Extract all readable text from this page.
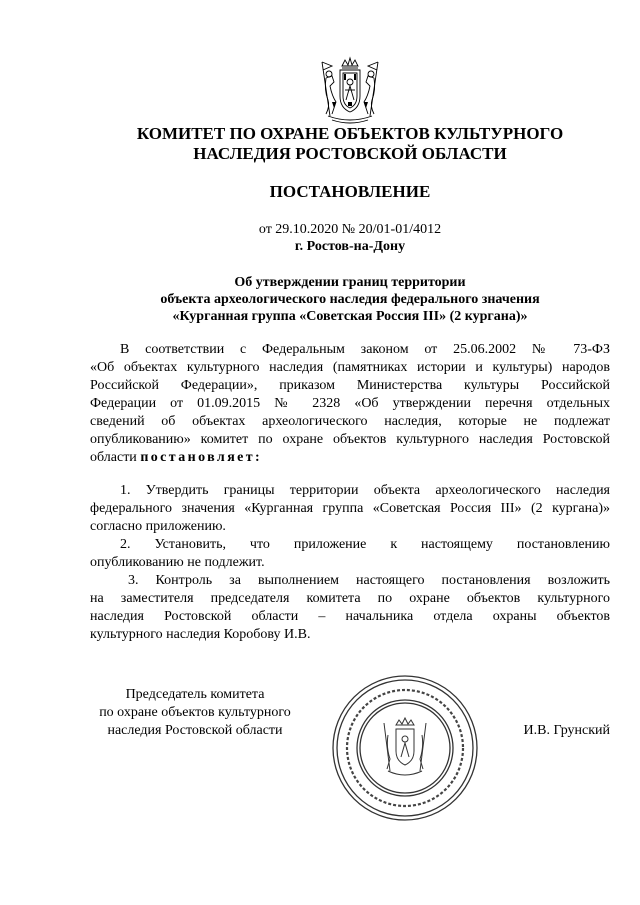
КОМИТЕТ ПО ОХРАНЕ ОБЪЕКТОВ КУЛЬТУРНОГО
НАСЛЕДИЯ РОСТОВСКОЙ ОБЛАСТИ
ПОСТАНОВЛЕНИЕ
от 29.10.2020 № 20/01-01/4012
г. Ростов-на-Дону
Об утверждении границ территории
объекта археологического наследия федерального значения
«Курганная группа «Советская Россия III» (2 кургана)»
В соответствии с Федеральным законом от 25.06.2002 № 73-ФЗ
«Об объектах культурного наследия (памятниках истории и культуры) народов
Российской Федерации», приказом Министерства культуры Российской
Федерации от 01.09.2015 № 2328 «Об утверждении перечня отдельных
сведений об объектах археологического наследия, которые не подлежат
опубликованию» комитет по охране объектов культурного наследия Ростовской
области постановляет:
1. Утвердить границы территории объекта археологического наследия
федерального значения «Курганная группа «Советская Россия III» (2 кургана)»
согласно приложению.
2. Установить, что приложение к настоящему постановлению
опубликованию не подлежит.
3. Контроль за выполнением настоящего постановления возложить
на заместителя председателя комитета по охране объектов культурного
наследия Ростовской области – начальника отдела охраны объектов
культурного наследия Коробову И.В.
Председатель комитета
по охране объектов культурного
наследия Ростовской области	И.В. Грунский
